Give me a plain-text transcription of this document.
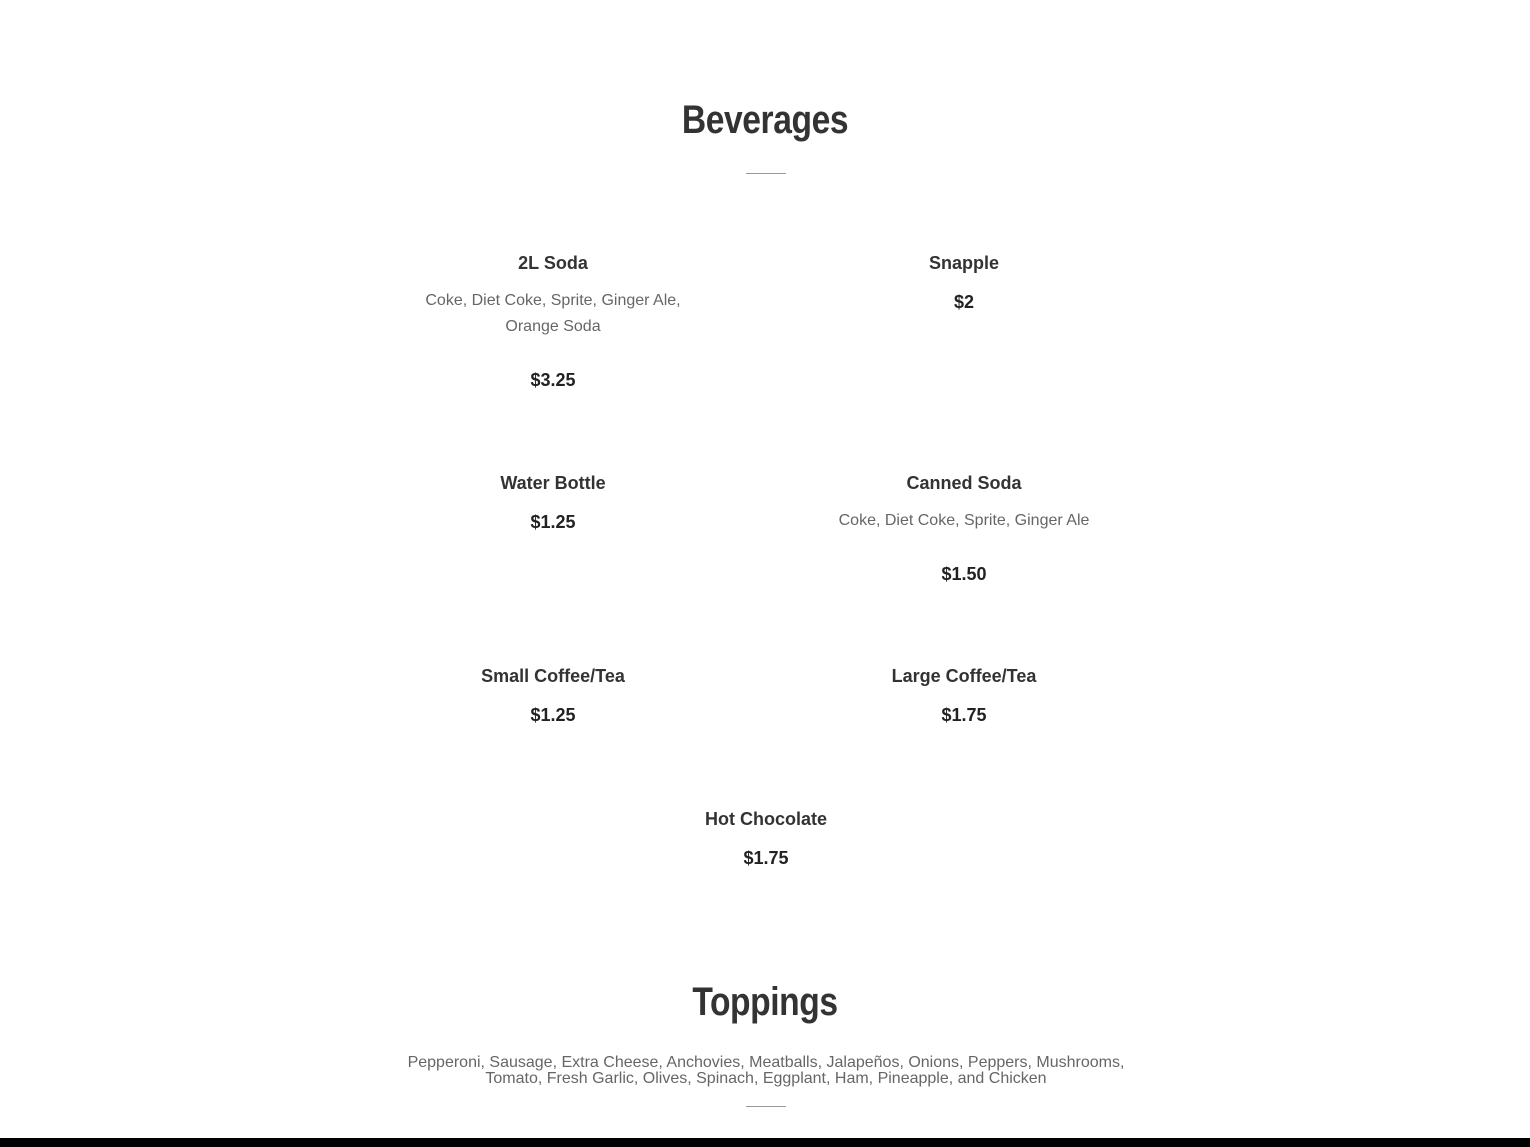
Beverages

2L Soda

Coke, Diet Coke, Sprite, Ginger Ale, Orange Soda

$3.25

Snapple

$2

Water Bottle

$1.25

Canned Soda

Coke, Diet Coke, Sprite, Ginger Ale

$1.50

Small Coffee/Tea

$1.25

Large Coffee/Tea

$1.75

Hot Chocolate

$1.75

Toppings
Pepperoni, Sausage, Extra Cheese, Anchovies, Meatballs, Jalapeños, Onions, Peppers, Mushrooms,
Tomato, Fresh Garlic, Olives, Spinach, Eggplant, Ham, Pineapple, and Chicken
